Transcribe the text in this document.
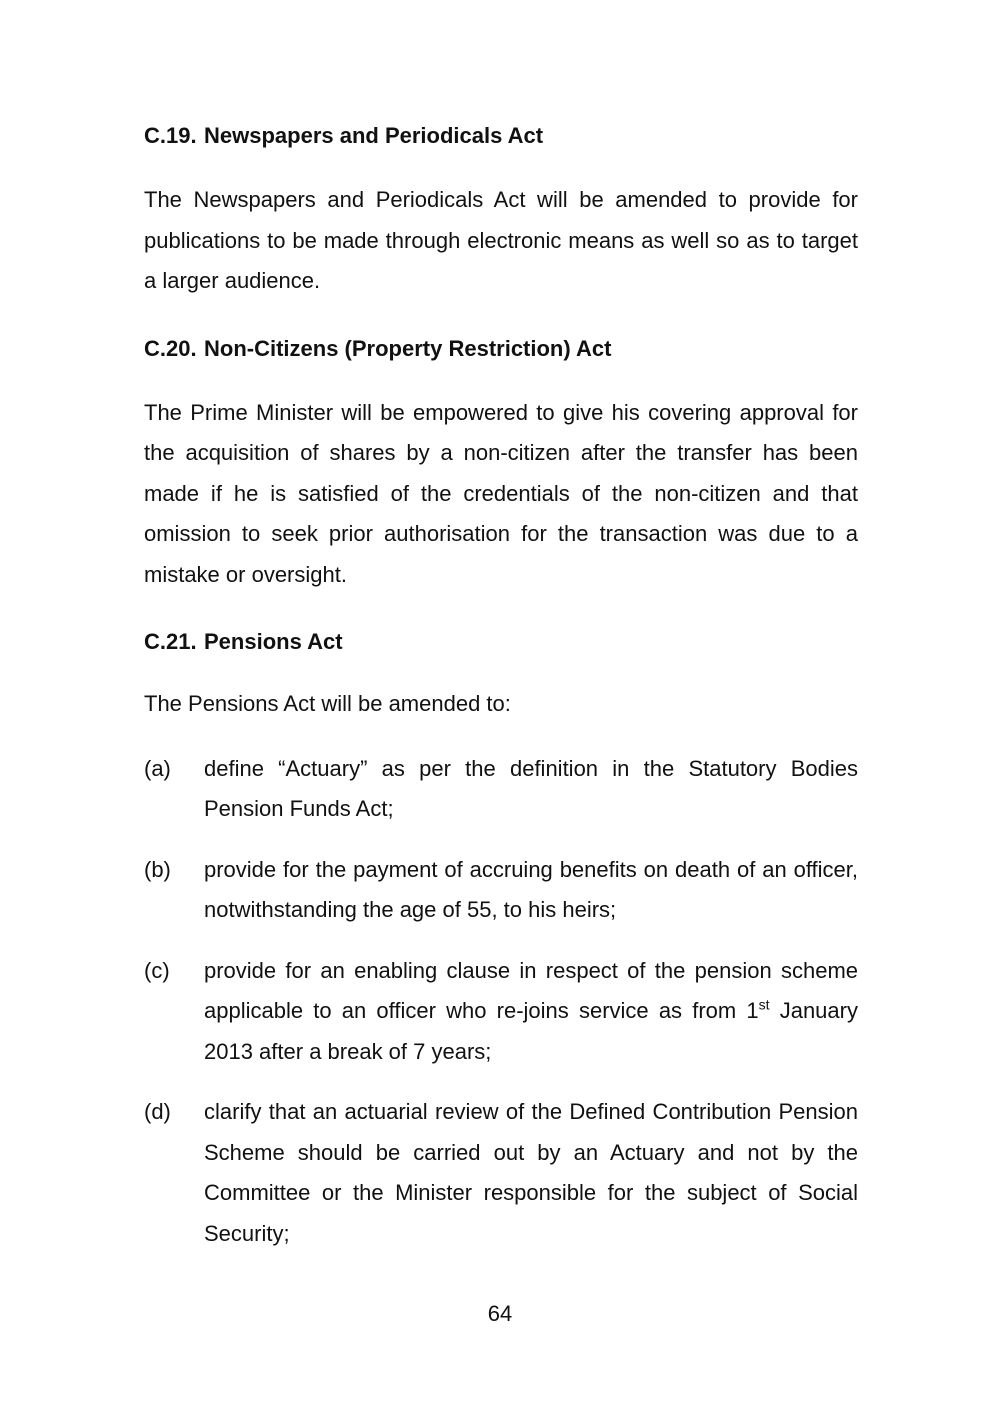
C.19. Newspapers and Periodicals Act

The Newspapers and Periodicals Act will be amended to provide for publications to be made through electronic means as well so as to target a larger audience.

C.20. Non-Citizens (Property Restriction) Act

The Prime Minister will be empowered to give his covering approval for the acquisition of shares by a non-citizen after the transfer has been made if he is satisfied of the credentials of the non-citizen and that omission to seek prior authorisation for the transaction was due to a mistake or oversight.

C.21. Pensions Act

The Pensions Act will be amended to:

(a)	define “Actuary” as per the definition in the Statutory Bodies Pension Funds Act;
(b)	provide for the payment of accruing benefits on death of an officer, notwithstanding the age of 55, to his heirs;
(c)	provide for an enabling clause in respect of the pension scheme applicable to an officer who re-joins service as from 1st January 2013 after a break of 7 years;
(d)	clarify that an actuarial review of the Defined Contribution Pension Scheme should be carried out by an Actuary and not by the Committee or the Minister responsible for the subject of Social Security;
64
